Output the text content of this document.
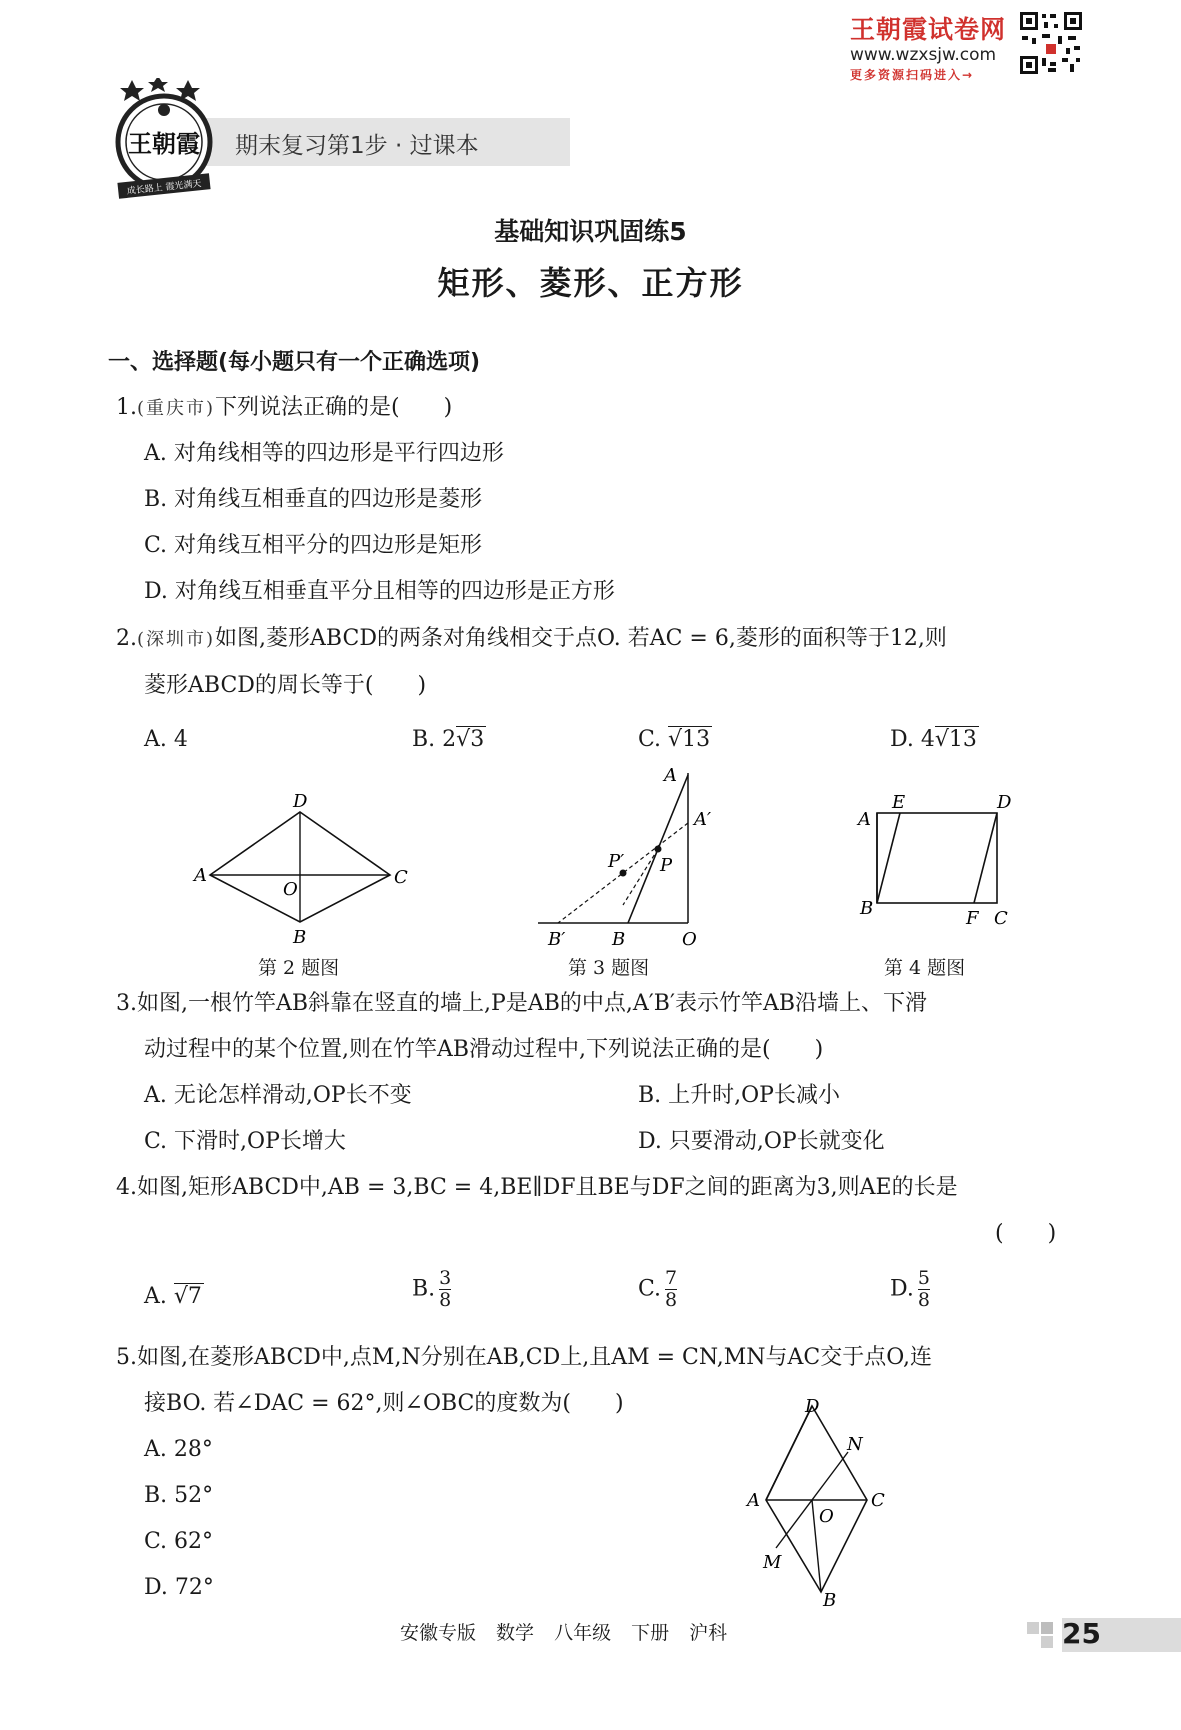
王朝霞试卷网
www.wzxsjw.com
更多资源扫码进入→
期末复习第1步 · 过课本
王朝霞
成长路上 霞光满天
基础知识巩固练5
矩形、菱形、正方形
一、选择题(每小题只有一个正确选项)
1.(重庆市)下列说法正确的是(　　)
A. 对角线相等的四边形是平行四边形
B. 对角线互相垂直的四边形是菱形
C. 对角线互相平分的四边形是矩形
D. 对角线互相垂直平分且相等的四边形是正方形
2.(深圳市)如图,菱形ABCD的两条对角线相交于点O. 若AC = 6,菱形的面积等于12,则
菱形ABCD的周长等于(　　)
A. 4	B. 2√3	C. √13	D. 4√13
D
A
O
C
B
第 2 题图
A
A′
P′ P
B′	B	O
第 3 题图
A
E	D
B	F C
第 4 题图
3.如图,一根竹竿AB斜靠在竖直的墙上,P是AB的中点,A′B′表示竹竿AB沿墙上、下滑
动过程中的某个位置,则在竹竿AB滑动过程中,下列说法正确的是(　　)
A. 无论怎样滑动,OP长不变	B. 上升时,OP长减小
C. 下滑时,OP长增大	D. 只要滑动,OP长就变化
4.如图,矩形ABCD中,AB = 3,BC = 4,BE∥DF且BE与DF之间的距离为3,则AE的长是
(　　)
A. √7	B. $\frac{3}{8}$	C. $\frac{7}{8}$	D. $\frac{5}{8}$
5.如图,在菱形ABCD中,点M,N分别在AB,CD上,且AM = CN,MN与AC交于点O,连
接BO. 若∠DAC = 62°,则∠OBC的度数为(　　)
A. 28°
B. 52°
C. 62°
D. 72°
D
N
A
O
C
M
B
安徽专版 数学 八年级 下册 沪科	25
